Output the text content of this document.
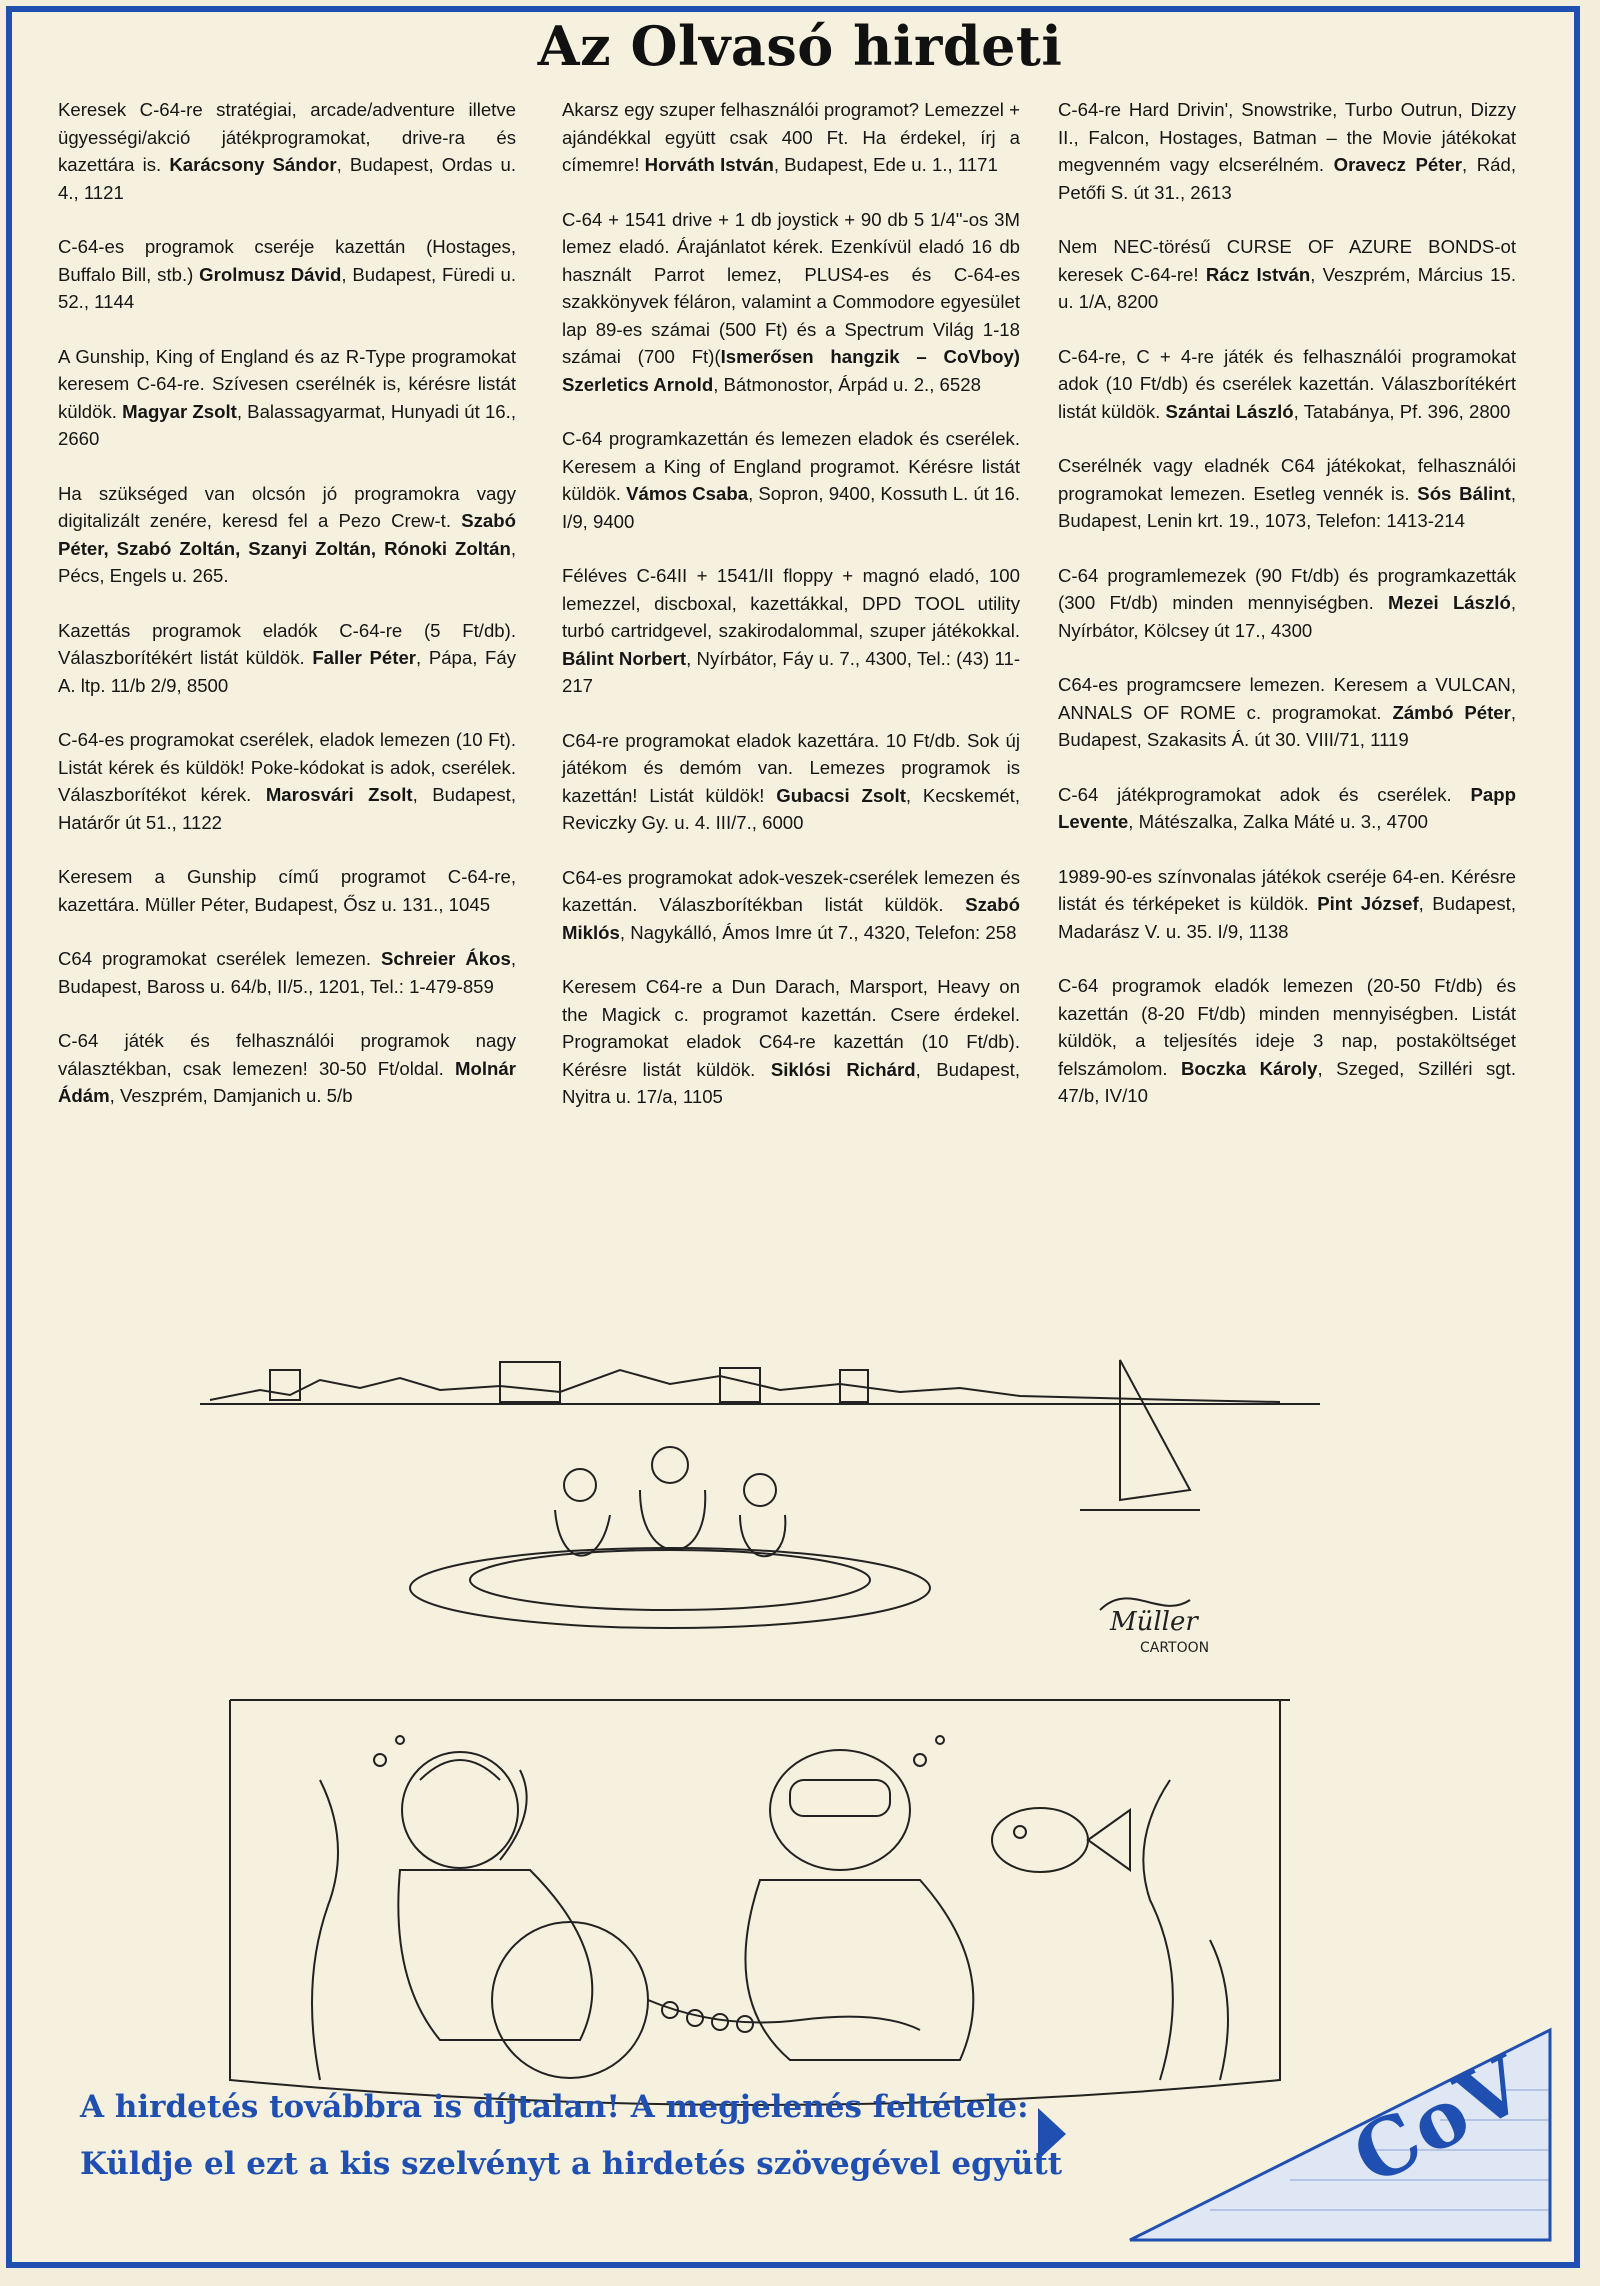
Az Olvasó hirdeti

Keresek C-64-re stratégiai, arcade/adventure illetve ügyességi/akció játékprogramokat, drive-ra és kazettára is. Karácsony Sándor, Budapest, Ordas u. 4., 1121

C-64-es programok cseréje kazettán (Hostages, Buffalo Bill, stb.) Grolmusz Dávid, Budapest, Füredi u. 52., 1144

A Gunship, King of England és az R-Type programokat keresem C-64-re. Szívesen cserélnék is, kérésre listát küldök. Magyar Zsolt, Balassagyarmat, Hunyadi út 16., 2660

Ha szükséged van olcsón jó programokra vagy digitalizált zenére, keresd fel a Pezo Crew-t. Szabó Péter, Szabó Zoltán, Szanyi Zoltán, Rónoki Zoltán, Pécs, Engels u. 265.

Kazettás programok eladók C-64-re (5 Ft/db). Válaszborítékért listát küldök. Faller Péter, Pápa, Fáy A. ltp. 11/b 2/9, 8500

C-64-es programokat cserélek, eladok lemezen (10 Ft). Listát kérek és küldök! Poke-kódokat is adok, cserélek. Válaszborítékot kérek. Marosvári Zsolt, Budapest, Határőr út 51., 1122

Keresem a Gunship című programot C-64-re, kazettára. Müller Péter, Budapest, Ősz u. 131., 1045

C64 programokat cserélek lemezen. Schreier Ákos, Budapest, Baross u. 64/b, II/5., 1201, Tel.: 1-479-859

C-64 játék és felhasználói programok nagy választékban, csak lemezen! 30-50 Ft/oldal. Molnár Ádám, Veszprém, Damjanich u. 5/b

Akarsz egy szuper felhasználói programot? Lemezzel + ajándékkal együtt csak 400 Ft. Ha érdekel, írj a címemre! Horváth István, Budapest, Ede u. 1., 1171

C-64 + 1541 drive + 1 db joystick + 90 db 5 1/4"-os 3M lemez eladó. Árajánlatot kérek. Ezenkívül eladó 16 db használt Parrot lemez, PLUS4-es és C-64-es szakkönyvek féláron, valamint a Commodore egyesület lap 89-es számai (500 Ft) és a Spectrum Világ 1-18 számai (700 Ft)(Ismerősen hangzik – CoVboy) Szerletics Arnold, Bátmonostor, Árpád u. 2., 6528

C-64 programkazettán és lemezen eladok és cserélek. Keresem a King of England programot. Kérésre listát küldök. Vámos Csaba, Sopron, 9400, Kossuth L. út 16. I/9, 9400

Féléves C-64II + 1541/II floppy + magnó eladó, 100 lemezzel, discboxal, kazettákkal, DPD TOOL utility turbó cartridgevel, szakirodalommal, szuper játékokkal. Bálint Norbert, Nyírbátor, Fáy u. 7., 4300, Tel.: (43) 11-217

C64-re programokat eladok kazettára. 10 Ft/db. Sok új játékom és demóm van. Lemezes programok is kazettán! Listát küldök! Gubacsi Zsolt, Kecskemét, Reviczky Gy. u. 4. III/7., 6000

C64-es programokat adok-veszek-cserélek lemezen és kazettán. Válaszborítékban listát küldök. Szabó Miklós, Nagykálló, Ámos Imre út 7., 4320, Telefon: 258

Keresem C64-re a Dun Darach, Marsport, Heavy on the Magick c. programot kazettán. Csere érdekel. Programokat eladok C64-re kazettán (10 Ft/db). Kérésre listát küldök. Siklósi Richárd, Budapest, Nyitra u. 17/a, 1105

C-64-re Hard Drivin', Snowstrike, Turbo Outrun, Dizzy II., Falcon, Hostages, Batman – the Movie játékokat megvenném vagy elcserélném. Oravecz Péter, Rád, Petőfi S. út 31., 2613

Nem NEC-törésű CURSE OF AZURE BONDS-ot keresek C-64-re! Rácz István, Veszprém, Március 15. u. 1/A, 8200

C-64-re, C + 4-re játék és felhasználói programokat adok (10 Ft/db) és cserélek kazettán. Válaszborítékért listát küldök. Szántai László, Tatabánya, Pf. 396, 2800

Cserélnék vagy eladnék C64 játékokat, felhasználói programokat lemezen. Esetleg vennék is. Sós Bálint, Budapest, Lenin krt. 19., 1073, Telefon: 1413-214

C-64 programlemezek (90 Ft/db) és programkazetták (300 Ft/db) minden mennyiségben. Mezei László, Nyírbátor, Kölcsey út 17., 4300

C64-es programcsere lemezen. Keresem a VULCAN, ANNALS OF ROME c. programokat. Zámbó Péter, Budapest, Szakasits Á. út 30. VIII/71, 1119

C-64 játékprogramokat adok és cserélek. Papp Levente, Mátészalka, Zalka Máté u. 3., 4700

1989-90-es színvonalas játékok cseréje 64-en. Kérésre listát és térképeket is küldök. Pint József, Budapest, Madarász V. u. 35. I/9, 1138

C-64 programok eladók lemezen (20-50 Ft/db) és kazettán (8-20 Ft/db) minden mennyiségben. Listát küldök, a teljesítés ideje 3 nap, postaköltséget felszámolom. Boczka Károly, Szeged, Szilléri sgt. 47/b, IV/10

Müller
CARTOON
CoV
A hirdetés továbbra is díjtalan! A megjelenés feltétele:
Küldje el ezt a kis szelvényt a hirdetés szövegével együtt
